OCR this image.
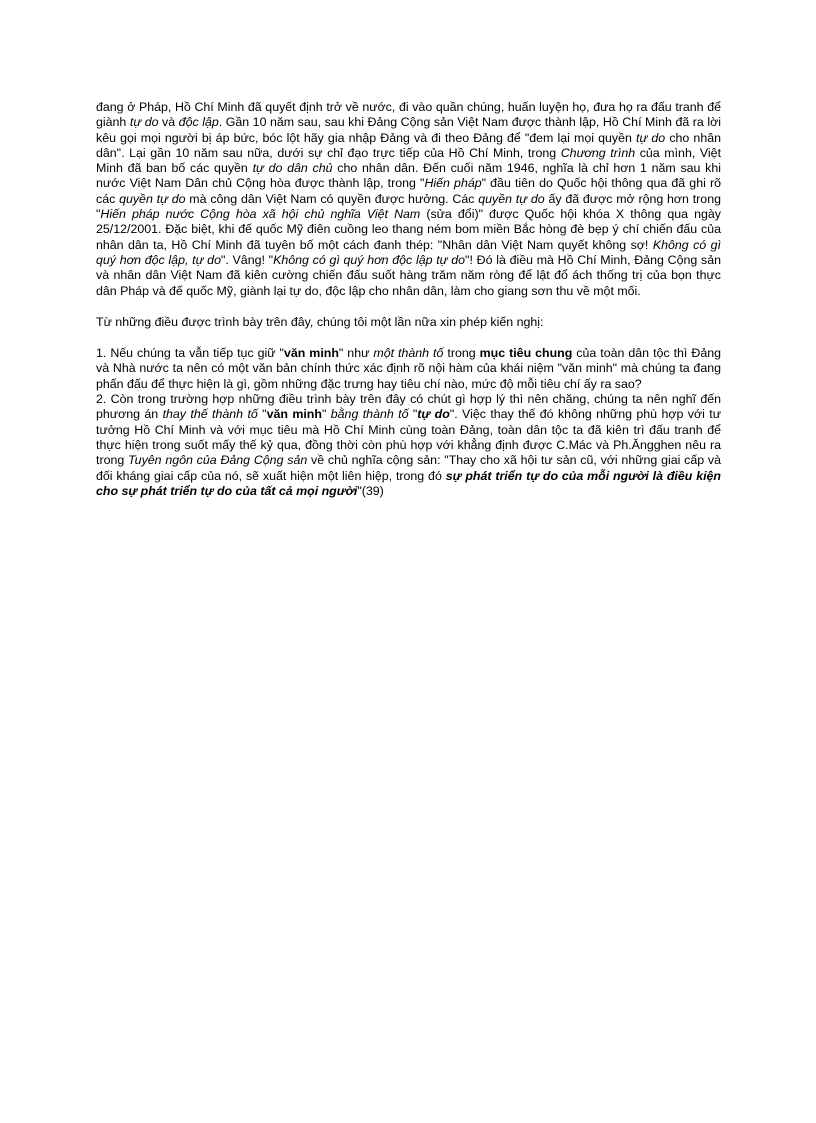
đang ở Pháp, Hồ Chí Minh đã quyết định trở về nước, đi vào quần chúng, huấn luyện họ, đưa họ ra đấu tranh để giành tự do và độc lập. Gần 10 năm sau, sau khi Đảng Cộng sản Việt Nam được thành lập, Hồ Chí Minh đã ra lời kêu gọi mọi người bị áp bức, bóc lột hãy gia nhập Đảng và đi theo Đảng để "đem lại mọi quyền tự do cho nhân dân". Lại gần 10 năm sau nữa, dưới sự chỉ đạo trực tiếp của Hồ Chí Minh, trong Chương trình của mình, Việt Minh đã ban bố các quyền tự do dân chủ cho nhân dân. Đến cuối năm 1946, nghĩa là chỉ hơn 1 năm sau khi nước Việt Nam Dân chủ Cộng hòa được thành lập, trong "Hiến pháp" đầu tiên do Quốc hội thông qua đã ghi rõ các quyền tự do mà công dân Việt Nam có quyền được hưởng. Các quyền tự do ấy đã được mở rộng hơn trong "Hiến pháp nước Cộng hòa xã hội chủ nghĩa Việt Nam (sửa đổi)" được Quốc hội khóa X thông qua ngày 25/12/2001. Đặc biệt, khi đế quốc Mỹ điên cuồng leo thang ném bom miền Bắc hòng đè bẹp ý chí chiến đấu của nhân dân ta, Hồ Chí Minh đã tuyên bố một cách đanh thép: "Nhân dân Việt Nam quyết không sợ! Không có gì quý hơn độc lập, tự do". Vâng! "Không có gì quý hơn độc lập tự do"! Đó là điều mà Hồ Chí Minh, Đảng Cộng sản và nhân dân Việt Nam đã kiên cường chiến đấu suốt hàng trăm năm ròng để lật đổ ách thống trị của bọn thực dân Pháp và đế quốc Mỹ, giành lại tự do, độc lập cho nhân dân, làm cho giang sơn thu về một mối.

Từ những điều được trình bày trên đây, chúng tôi một lần nữa xin phép kiến nghị:

1. Nếu chúng ta vẫn tiếp tục giữ "văn minh" như một thành tố trong mục tiêu chung của toàn dân tộc thì Đảng và Nhà nước ta nên có một văn bản chính thức xác định rõ nội hàm của khái niệm "văn minh" mà chúng ta đang phấn đấu để thực hiện là gì, gồm những đặc trưng hay tiêu chí nào, mức độ mỗi tiêu chí ấy ra sao?

2. Còn trong trường hợp những điều trình bày trên đây có chút gì hợp lý thì nên chăng, chúng ta nên nghĩ đến phương án thay thế thành tố "văn minh" bằng thành tố "tự do". Việc thay thế đó không những phù hợp với tư tưởng Hồ Chí Minh và với mục tiêu mà Hồ Chí Minh cùng toàn Đảng, toàn dân tộc ta đã kiên trì đấu tranh để thực hiện trong suốt mấy thế kỷ qua, đồng thời còn phù hợp với khẳng định được C.Mác và Ph.Ăngghen nêu ra trong Tuyên ngôn của Đảng Cộng sản về chủ nghĩa cộng sản: "Thay cho xã hội tư sản cũ, với những giai cấp và đối kháng giai cấp của nó, sẽ xuất hiện một liên hiệp, trong đó sự phát triển tự do của mỗi người là điều kiện cho sự phát triển tự do của tất cả mọi người"(39)
